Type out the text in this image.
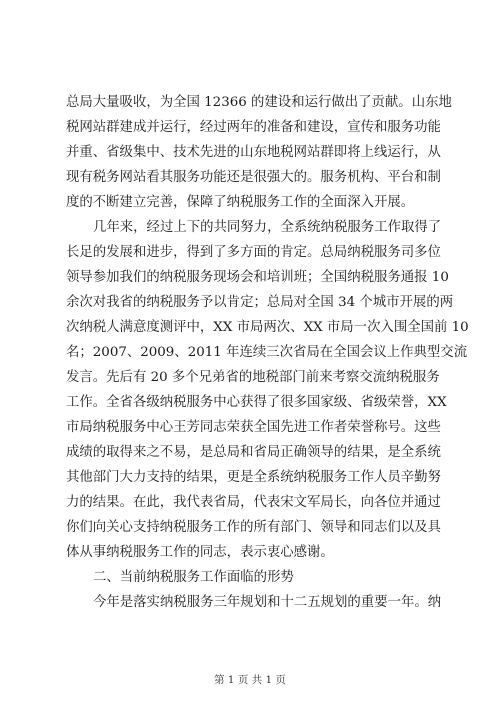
总局大量吸收，为全国 12366 的建设和运行做出了贡献。山东地
税网站群建成并运行，经过两年的准备和建设，宣传和服务功能
并重、省级集中、技术先进的山东地税网站群即将上线运行，从
现有税务网站看其服务功能还是很强大的。服务机构、平台和制
度的不断建立完善，保障了纳税服务工作的全面深入开展。
几年来，经过上下的共同努力，全系统纳税服务工作取得了
长足的发展和进步，得到了多方面的肯定。总局纳税服务司多位
领导参加我们的纳税服务现场会和培训班；全国纳税服务通报 10
余次对我省的纳税服务予以肯定；总局对全国 34 个城市开展的两
次纳税人满意度测评中，XX 市局两次、XX 市局一次入围全国前 10
名；2007、2009、2011 年连续三次省局在全国会议上作典型交流
发言。先后有 20 多个兄弟省的地税部门前来考察交流纳税服务
工作。全省各级纳税服务中心获得了很多国家级、省级荣誉，XX
市局纳税服务中心王芳同志荣获全国先进工作者荣誉称号。这些
成绩的取得来之不易，是总局和省局正确领导的结果，是全系统
其他部门大力支持的结果，更是全系统纳税服务工作人员辛勤努
力的结果。在此，我代表省局，代表宋文军局长，向各位并通过
你们向关心支持纳税服务工作的所有部门、领导和同志们以及具
体从事纳税服务工作的同志，表示衷心感谢。
二、当前纳税服务工作面临的形势
今年是落实纳税服务三年规划和十二五规划的重要一年。纳
第 1 页 共 1 页
